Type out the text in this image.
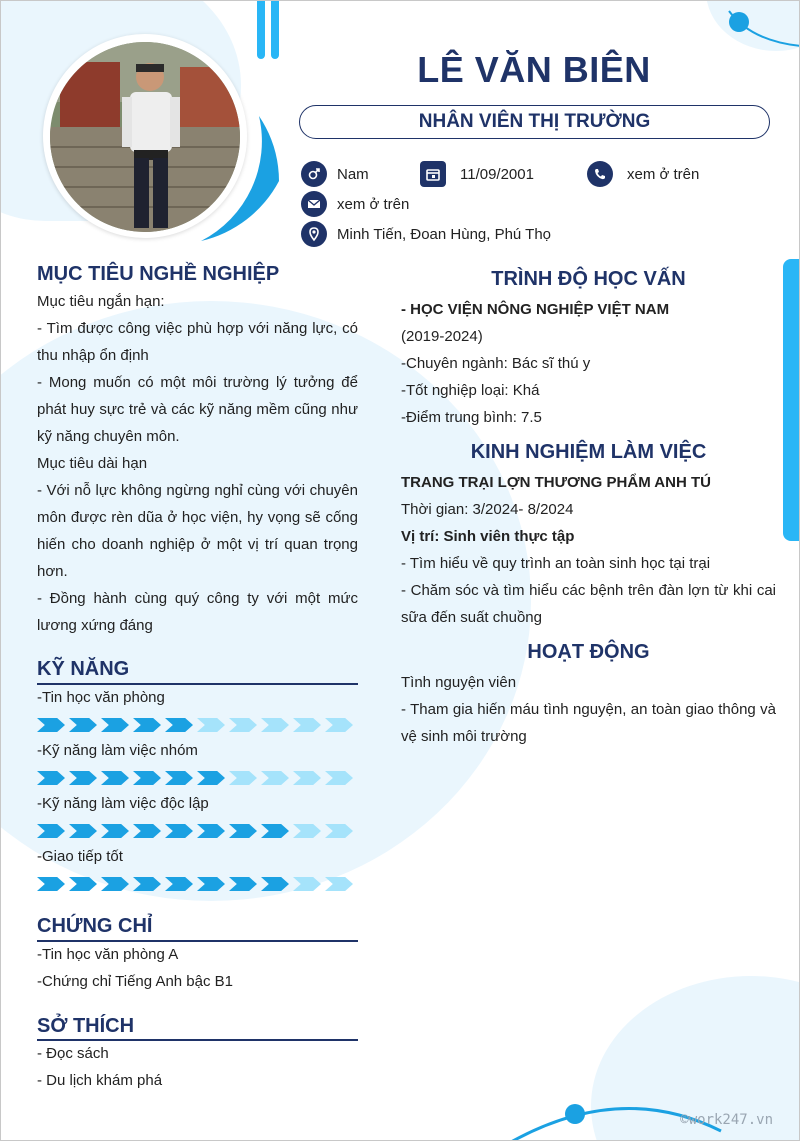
LÊ VĂN BIÊN
NHÂN VIÊN THỊ TRƯỜNG
Nam	11/09/2001	xem ở trên
xem ở trên
Minh Tiến, Đoan Hùng, Phú Thọ
MỤC TIÊU NGHỀ NGHIỆP
Mục tiêu ngắn hạn:
- Tìm được công việc phù hợp với năng lực, có thu nhập ổn định
- Mong muốn có một môi trường lý tưởng để phát huy sực trẻ và các kỹ năng mềm cũng như kỹ năng chuyên môn.
Mục tiêu dài hạn
- Với nỗ lực không ngừng nghỉ cùng với chuyên môn được rèn dũa ở học viện, hy vọng sẽ cống hiến cho doanh nghiệp ở một vị trí quan trọng hơn.
- Đồng hành cùng quý công ty với một mức lương xứng đáng
KỸ NĂNG
-Tin học văn phòng
-Kỹ năng làm việc nhóm
-Kỹ năng làm việc độc lập
-Giao tiếp tốt
CHỨNG CHỈ
-Tin học văn phòng A
-Chứng chỉ Tiếng Anh bậc B1
SỞ THÍCH
- Đọc sách
- Du lịch khám phá
TRÌNH ĐỘ HỌC VẤN
- HỌC VIỆN NÔNG NGHIỆP VIỆT NAM
(2019-2024)
-Chuyên ngành: Bác sĩ thú y
-Tốt nghiệp loại: Khá
-Điểm trung bình: 7.5
KINH NGHIỆM LÀM VIỆC
TRANG TRẠI LỢN THƯƠNG PHẨM ANH TÚ
Thời gian: 3/2024- 8/2024
Vị trí: Sinh viên thực tập
- Tìm hiểu về quy trình an toàn sinh học tại trại
- Chăm sóc và tìm hiểu các bệnh trên đàn lợn từ khi cai sữa đến suất chuồng
HOẠT ĐỘNG
Tình nguyện viên
- Tham gia hiến máu tình nguyện, an toàn giao thông và vệ sinh môi trường
©work247.vn
